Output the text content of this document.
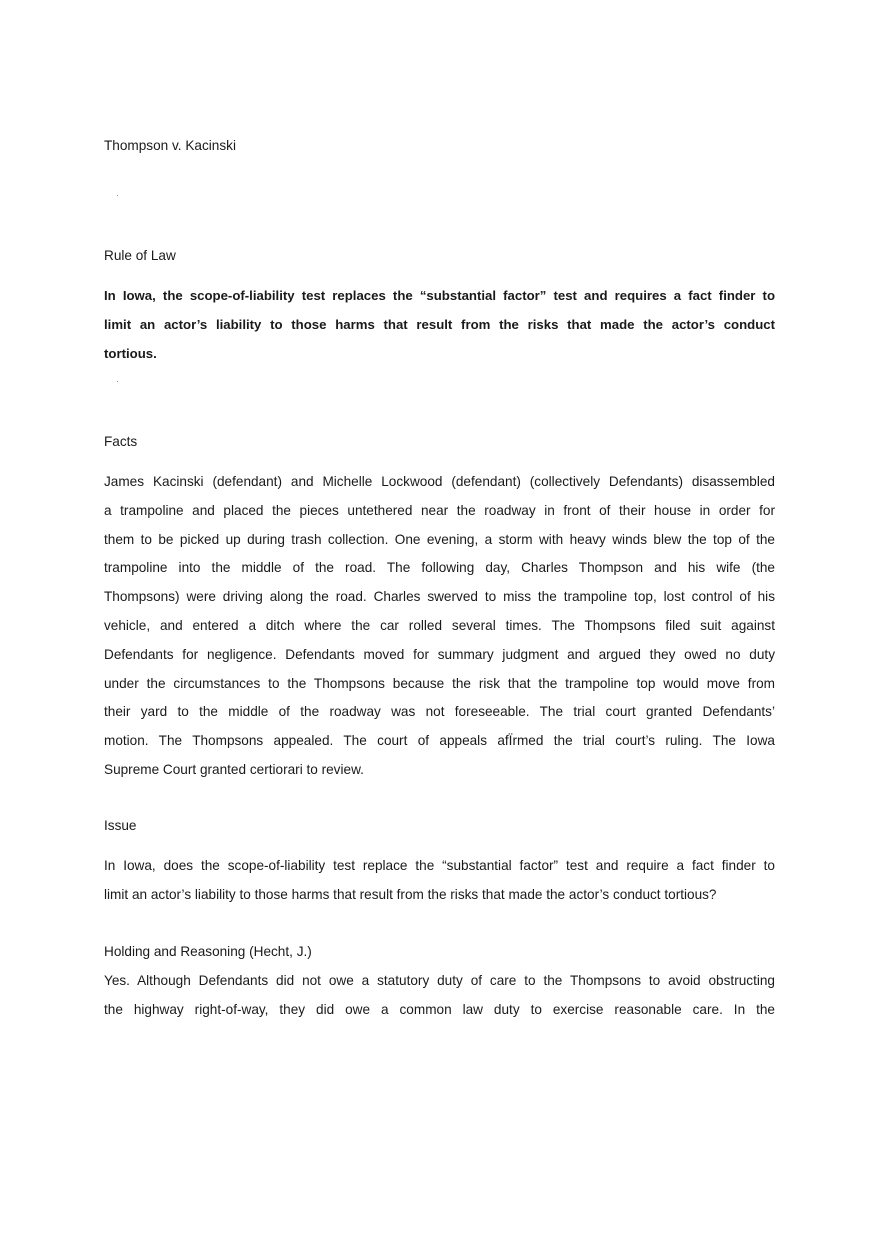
Thompson v. Kacinski
Rule of Law
In Iowa, the scope-of-liability test replaces the “substantial factor” test and requires a fact finder to
limit an actor’s liability to those harms that result from the risks that made the actor’s conduct
tortious.
Facts
James Kacinski (defendant) and Michelle Lockwood (defendant) (collectively Defendants) disassembled
a trampoline and placed the pieces untethered near the roadway in front of their house in order for
them to be picked up during trash collection. One evening, a storm with heavy winds blew the top of the
trampoline into the middle of the road. The following day, Charles Thompson and his wife (the
Thompsons) were driving along the road. Charles swerved to miss the trampoline top, lost control of his
vehicle, and entered a ditch where the car rolled several times. The Thompsons filed suit against
Defendants for negligence. Defendants moved for summary judgment and argued they owed no duty
under the circumstances to the Thompsons because the risk that the trampoline top would move from
their yard to the middle of the roadway was not foreseeable. The trial court granted Defendants’
motion. The Thompsons appealed. The court of appeals afÏrmed the trial court’s ruling. The Iowa
Supreme Court granted certiorari to review.
Issue
In Iowa, does the scope-of-liability test replace the “substantial factor” test and require a fact finder to
limit an actor’s liability to those harms that result from the risks that made the actor’s conduct tortious?
Holding and Reasoning (Hecht, J.)
Yes. Although Defendants did not owe a statutory duty of care to the Thompsons to avoid obstructing
the highway right-of-way, they did owe a common law duty to exercise reasonable care. In the
